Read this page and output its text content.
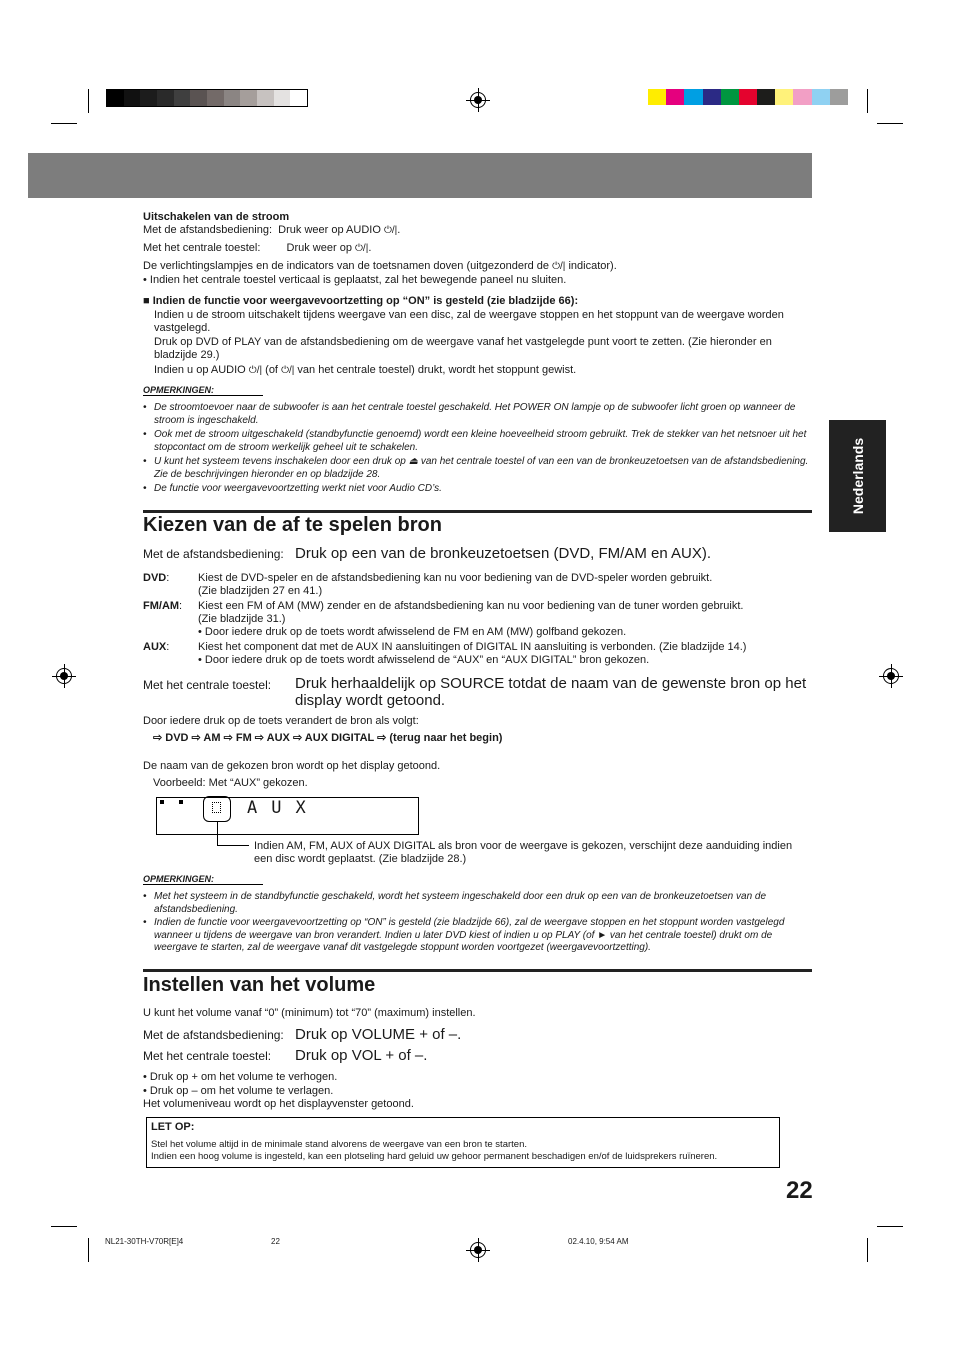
Nederlands
Uitschakelen van de stroom
Met de afstandsbediening: Druk weer op AUDIO ⏻/|.
Met het centrale toestel: Druk weer op ⏻/|.
De verlichtingslampjes en de indicators van de toetsnamen doven (uitgezonderd de ⏻/| indicator).
• Indien het centrale toestel verticaal is geplaatst, zal het bewegende paneel nu sluiten.
■ Indien de functie voor weergavevoortzetting op “ON” is gesteld (zie bladzijde 66):
Indien u de stroom uitschakelt tijdens weergave van een disc, zal de weergave stoppen en het stoppunt van de weergave worden vastgelegd.
Druk op DVD of PLAY van de afstandsbediening om de weergave vanaf het vastgelegde punt voort te zetten. (Zie hieronder en bladzijde 29.)
Indien u op AUDIO ⏻/| (of ⏻/| van het centrale toestel) drukt, wordt het stoppunt gewist.
OPMERKINGEN:
• De stroomtoevoer naar de subwoofer is aan het centrale toestel geschakeld. Het POWER ON lampje op de subwoofer licht groen op wanneer de stroom is ingeschakeld.
• Ook met de stroom uitgeschakeld (standbyfunctie genoemd) wordt een kleine hoeveelheid stroom gebruikt. Trek de stekker van het netsnoer uit het stopcontact om de stroom werkelijk geheel uit te schakelen.
• U kunt het systeem tevens inschakelen door een druk op ⏏ van het centrale toestel of van een van de bronkeuzetoetsen van de afstandsbediening. Zie de beschrijvingen hieronder en op bladzijde 28.
• De functie voor weergavevoortzetting werkt niet voor Audio CD’s.
Kiezen van de af te spelen bron
Met de afstandsbediening: Druk op een van de bronkeuzetoetsen (DVD, FM/AM en AUX).
DVD:	Kiest de DVD-speler en de afstandsbediening kan nu voor bediening van de DVD-speler worden gebruikt.
(Zie bladzijden 27 en 41.)
FM/AM:	Kiest een FM of AM (MW) zender en de afstandsbediening kan nu voor bediening van de tuner worden gebruikt.
(Zie bladzijde 31.)
• Door iedere druk op de toets wordt afwisselend de FM en AM (MW) golfband gekozen.
AUX:	Kiest het component dat met de AUX IN aansluitingen of DIGITAL IN aansluiting is verbonden. (Zie bladzijde 14.)
• Door iedere druk op de toets wordt afwisselend de “AUX” en “AUX DIGITAL” bron gekozen.
Met het centrale toestel:	Druk herhaaldelijk op SOURCE totdat de naam van de gewenste bron op het display wordt getoond.
Door iedere druk op de toets verandert de bron als volgt:
⇨ DVD ⇨ AM ⇨ FM ⇨ AUX ⇨ AUX DIGITAL ⇨ (terug naar het begin)
De naam van de gekozen bron wordt op het display getoond.
Voorbeeld: Met “AUX” gekozen.
A U X
Indien AM, FM, AUX of AUX DIGITAL als bron voor de weergave is gekozen, verschijnt deze aanduiding indien een disc wordt geplaatst. (Zie bladzijde 28.)
OPMERKINGEN:
• Met het systeem in de standbyfunctie geschakeld, wordt het systeem ingeschakeld door een druk op een van de bronkeuzetoetsen van de afstandsbediening.
• Indien de functie voor weergavevoortzetting op “ON” is gesteld (zie bladzijde 66), zal de weergave stoppen en het stoppunt worden vastgelegd wanneer u tijdens de weergave van bron verandert. Indien u later DVD kiest of indien u op PLAY (of ► van het centrale toestel) drukt om de weergave te starten, zal de weergave vanaf dit vastgelegde stoppunt worden voortgezet (weergavevoortzetting).
Instellen van het volume
U kunt het volume vanaf “0” (minimum) tot “70” (maximum) instellen.
Met de afstandsbediening: Druk op VOLUME + of –.
Met het centrale toestel:	Druk op VOL + of –.
• Druk op + om het volume te verhogen.
• Druk op – om het volume te verlagen.
Het volumeniveau wordt op het displayvenster getoond.
LET OP:
Stel het volume altijd in de minimale stand alvorens de weergave van een bron te starten.
Indien een hoog volume is ingesteld, kan een plotseling hard geluid uw gehoor permanent beschadigen en/of de luidsprekers ruïneren.
22
NL21-30TH-V70R[E]4	22	02.4.10, 9:54 AM
